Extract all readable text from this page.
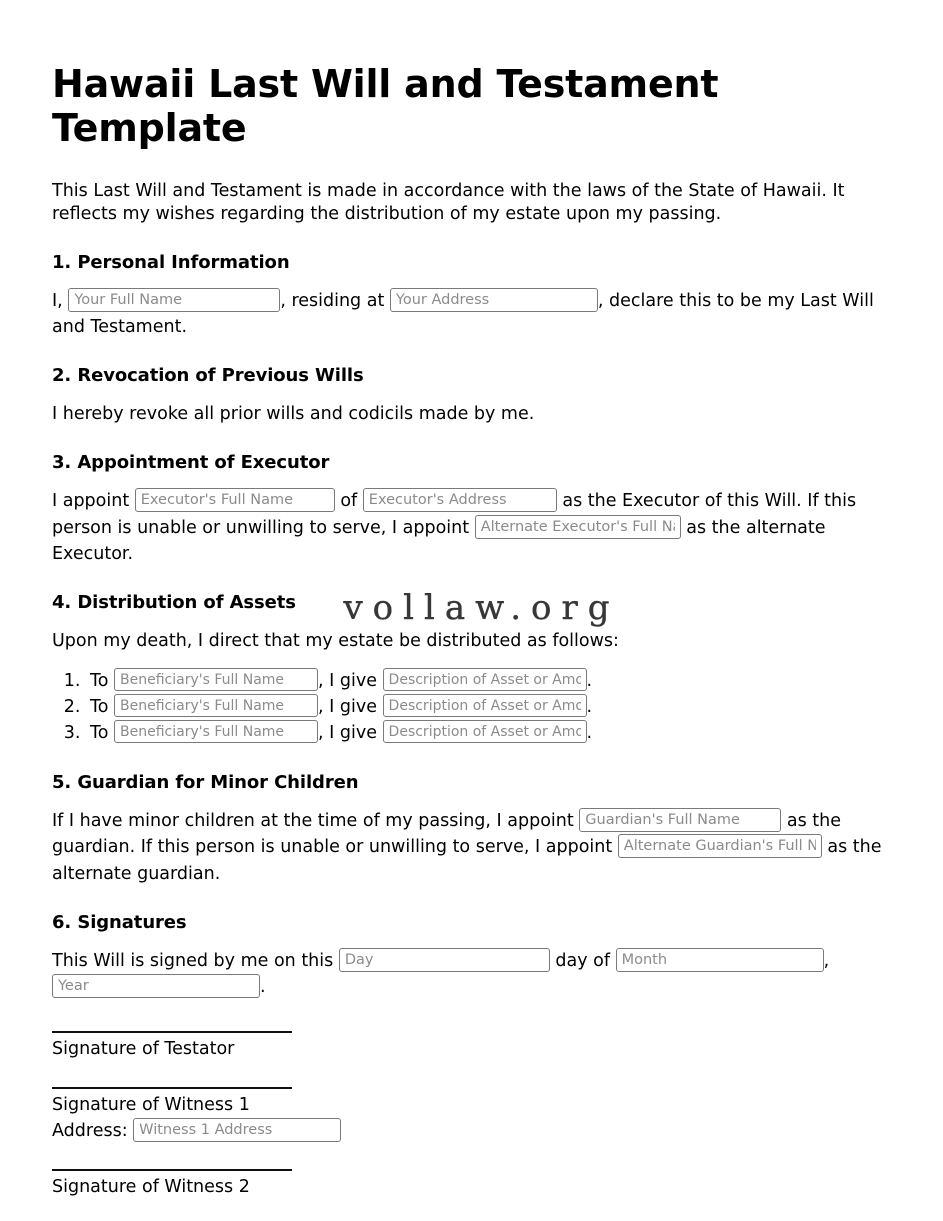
Hawaii Last Will and Testament Template

This Last Will and Testament is made in accordance with the laws of the State of Hawaii. It reflects my wishes regarding the distribution of my estate upon my passing.

1. Personal Information

I, Your Full Name	, residing at Your Address	, declare this to be my Last Will and Testament.

2. Revocation of Previous Wills

I hereby revoke all prior wills and codicils made by me.

3. Appointment of Executor

I appoint Executor's Full Name	of Executor's Address	as the Executor of this Will. If this person is unable or unwilling to serve, I appoint Alternate Executor's Full Name	as the alternate Executor.

4. Distribution of Assets

Upon my death, I direct that my estate be distributed as follows:

1. To Beneficiary's Full Name	, I give Description of Asset or Amount	.
2. To Beneficiary's Full Name	, I give Description of Asset or Amount	.
3. To Beneficiary's Full Name	, I give Description of Asset or Amount	.
5. Guardian for Minor Children

If I have minor children at the time of my passing, I appoint Guardian's Full Name	as the guardian. If this person is unable or unwilling to serve, I appoint Alternate Guardian's Full Name	as the alternate guardian.

6. Signatures

This Will is signed by me on this Day	day of Month	, Year.

Signature of Testator
Signature of Witness 1
Address: Witness 1 Address
Signature of Witness 2
vollaw.org
